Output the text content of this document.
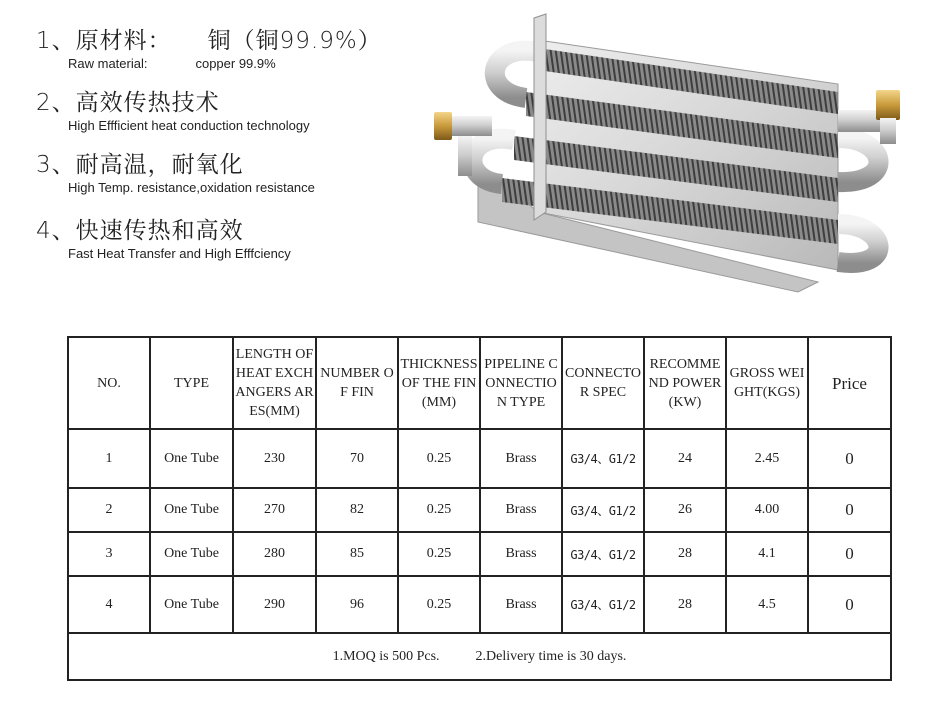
1、原材料： 铜（铜99.9%）
Raw material:	copper 99.9%
2、高效传热技术
High Effficient heat conduction technology
3、耐高温，耐氧化
High Temp. resistance,oxidation resistance
4、快速传热和高效
Fast Heat Transfer and High Efffciency
NO.	TYPE	LENGTH OF HEAT EXCHANGERS ARES(MM)	NUMBER OF FIN	THICKNESS OF THE FIN(MM)	PIPELINE CONNECTION TYPE	CONNECTOR SPEC	RECOMMEND POWER(KW)	GROSS WEIGHT(KGS)	Price
1	One Tube	230	70	0.25	Brass	G3/4、G1/2	24	2.45	0
2	One Tube	270	82	0.25	Brass	G3/4、G1/2	26	4.00	0
3	One Tube	280	85	0.25	Brass	G3/4、G1/2	28	4.1	0
4	One Tube	290	96	0.25	Brass	G3/4、G1/2	28	4.5	0
1.MOQ is 500 Pcs. 2.Delivery time is 30 days.									
